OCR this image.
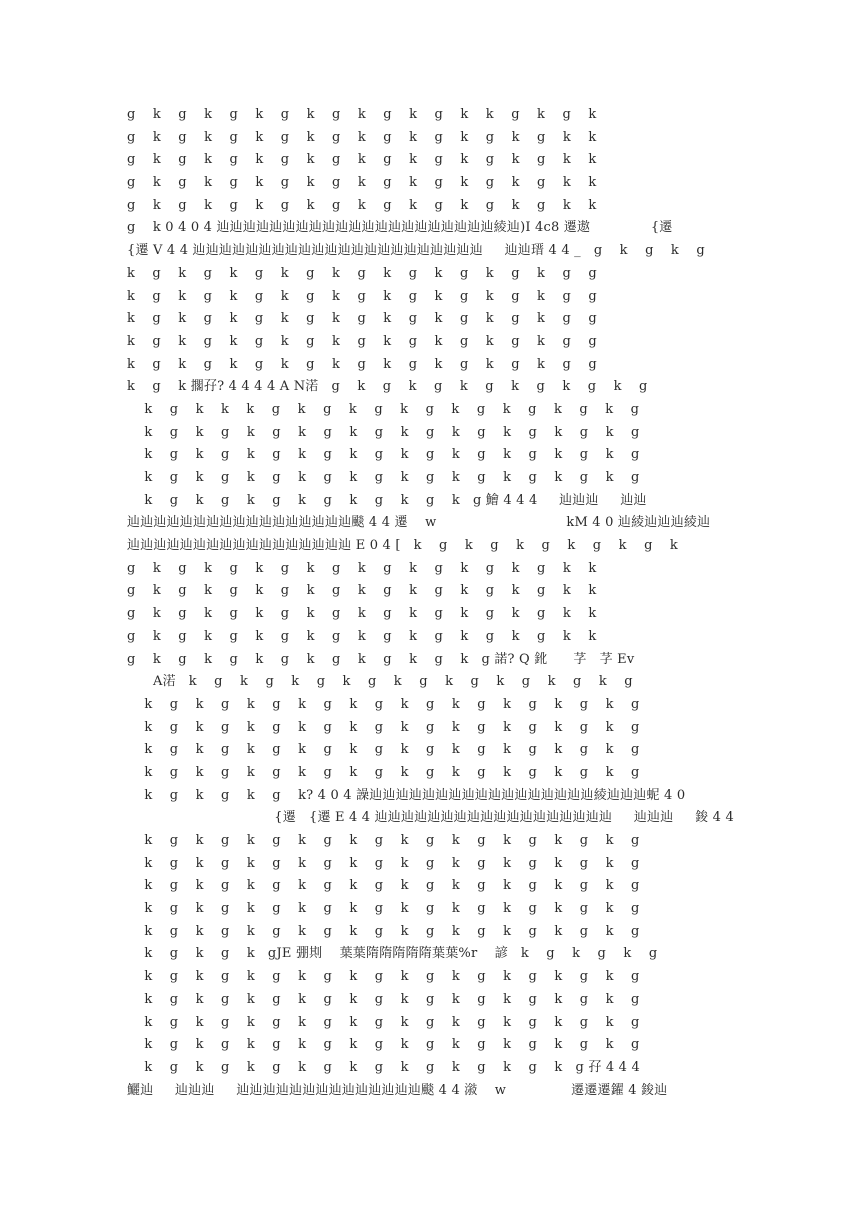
g    k    g    k    g    k    g    k    g    k    g    k    g    k    k    g    k    g    k
g    k    g    k    g    k    g    k    g    k    g    k    g    k    g    k    g    k    k
g    k    g    k    g    k    g    k    g    k    g    k    g    k    g    k    g    k    k
g    k    g    k    g    k    g    k    g    k    g    k    g    k    g    k    g    k    k
g    k    g    k    g    k    g    k    g    k    g    k    g    k    g    k    g    k    k
g    k 0 4 0 4 辿辿辿辿辿辿辿辿辿辿辿辿辿辿辿辿辿辿辿辿辿綾辿)I 4c8 遷遨              {遷
{遷 V 4 4 辿辿辿辿辿辿辿辿辿辿辿辿辿辿辿辿辿辿辿辿辿辿     辿辿瑨 4 4 _   g    k    g    k    g
k    g    k    g    k    g    k    g    k    g    k    g    k    g    k    g    k    g    g
k    g    k    g    k    g    k    g    k    g    k    g    k    g    k    g    k    g    g
k    g    k    g    k    g    k    g    k    g    k    g    k    g    k    g    k    g    g
k    g    k    g    k    g    k    g    k    g    k    g    k    g    k    g    k    g    g
k    g    k    g    k    g    k    g    k    g    k    g    k    g    k    g    k    g    g
k    g    k 擱孖? 4 4 4 4 A N渃   g    k    g    k    g    k    g    k    g    k    g    k    g
k    g    k    k    k    g    k    g    k    g    k    g    k    g    k    g    k    g    k    g
k    g    k    g    k    g    k    g    k    g    k    g    k    g    k    g    k    g    k    g
k    g    k    g    k    g    k    g    k    g    k    g    k    g    k    g    k    g    k    g
k    g    k    g    k    g    k    g    k    g    k    g    k    g    k    g    k    g    k    g
k    g    k    g    k    g    k    g    k    g    k    g    k   g 鱠 4 4 4     辿辿辿     辿辿
辿辿辿辿辿辿辿辿辿辿辿辿辿辿辿辿辿颷 4 4 遷    w                              kM 4 0 辿綾辿辿辿綾辿
辿辿辿辿辿辿辿辿辿辿辿辿辿辿辿辿辿 E 0 4 [   k    g    k    g    k    g    k    g    k    g    k
g    k    g    k    g    k    g    k    g    k    g    k    g    k    g    k    g    k    k
g    k    g    k    g    k    g    k    g    k    g    k    g    k    g    k    g    k    k
g    k    g    k    g    k    g    k    g    k    g    k    g    k    g    k    g    k    k
g    k    g    k    g    k    g    k    g    k    g    k    g    k    g    k    g    k    k
g    k    g    k    g    k    g    k    g    k    g    k    g    k   g 諾? Q 鈋      芓   芓 Ev
A渃   k    g    k    g    k    g    k    g    k    g    k    g    k    g    k    g    k    g
k    g    k    g    k    g    k    g    k    g    k    g    k    g    k    g    k    g    k    g
k    g    k    g    k    g    k    g    k    g    k    g    k    g    k    g    k    g    k    g
k    g    k    g    k    g    k    g    k    g    k    g    k    g    k    g    k    g    k    g
k    g    k    g    k    g    k    g    k    g    k    g    k    g    k    g    k    g    k    g
k    g    k    g    k    g    k? 4 0 4 譟辿辿辿辿辿辿辿辿辿辿辿辿辿辿辿辿辿綾辿辿辿蚭 4 0
{遷   {遷 E 4 4 辿辿辿辿辿辿辿辿辿辿辿辿辿辿辿辿辿辿     辿辿辿     鋑 4 4
k    g    k    g    k    g    k    g    k    g    k    g    k    g    k    g    k    g    k    g
k    g    k    g    k    g    k    g    k    g    k    g    k    g    k    g    k    g    k    g
k    g    k    g    k    g    k    g    k    g    k    g    k    g    k    g    k    g    k    g
k    g    k    g    k    g    k    g    k    g    k    g    k    g    k    g    k    g    k    g
k    g    k    g    k    g    k    g    k    g    k    g    k    g    k    g    k    g    k    g
k    g    k    g    k   gJE 弸剘    葉葉隋隋隋隋隋葉葉%r    諺   k    g    k    g    k    g
k    g    k    g    k    g    k    g    k    g    k    g    k    g    k    g    k    g    k    g
k    g    k    g    k    g    k    g    k    g    k    g    k    g    k    g    k    g    k    g
k    g    k    g    k    g    k    g    k    g    k    g    k    g    k    g    k    g    k    g
k    g    k    g    k    g    k    g    k    g    k    g    k    g    k    g    k    g    k    g
k    g    k    g    k    g    k    g    k    g    k    g    k    g    k    g    k   g 孖 4 4 4
鱺辿     辿辿辿     辿辿辿辿辿辿辿辿辿辿辿辿辿辿颷 4 4 潊    w               遷遷遷鑃 4 鋑辿
